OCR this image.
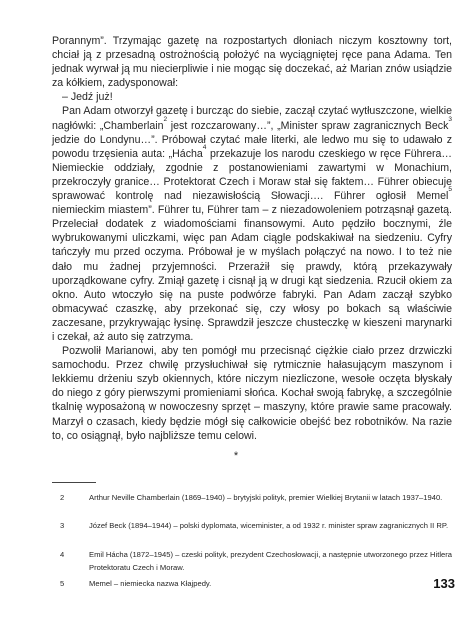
Porannym”. Trzymając gazetę na rozpostartych dłoniach niczym kosztowny tort, chciał ją z przesadną ostrożnością położyć na wyciągniętej ręce pana Adama. Ten jednak wyrwał ją mu niecierpliwie i nie mogąc się doczekać, aż Marian znów usiądzie za kółkiem, zadysponował:

– Jedź już!

Pan Adam otworzył gazetę i burcząc do siebie, zaczął czytać wytłuszczone, wielkie nagłówki: „Chamberlain$^2$ jest rozczarowany…”, „Minister spraw zagranicznych Beck$^3$ jedzie do Londynu…”. Próbował czytać małe literki, ale ledwo mu się to udawało z powodu trzęsienia auta: „Hácha$^4$ przekazuje los narodu czeskiego w ręce Führera… Niemieckie oddziały, zgodnie z postanowieniami zawartymi w Monachium, przekroczyły granice… Protektorat Czech i Moraw stał się faktem… Führer obiecuje sprawować kontrolę nad niezawisłością Słowacji…. Führer ogłosił Memel$^5$ niemieckim miastem”. Führer tu, Führer tam – z niezadowoleniem potrząsnął gazetą. Przeleciał dodatek z wiadomościami finansowymi. Auto pędziło bocznymi, źle wybrukowanymi uliczkami, więc pan Adam ciągle podskakiwał na siedzeniu. Cyfry tańczyły mu przed oczyma. Próbował je w myślach połączyć na nowo. I to też nie dało mu żadnej przyjemności. Przerażił się prawdy, którą przekazywały uporządkowane cyfry. Zmiął gazetę i cisnął ją w drugi kąt siedzenia. Rzucił okiem za okno. Auto wtoczyło się na puste podwórze fabryki. Pan Adam zaczął szybko obmacywać czaszkę, aby przekonać się, czy włosy po bokach są właściwie zaczesane, przykrywając łysinę. Sprawdził jeszcze chusteczkę w kieszeni marynarki i czekał, aż auto się zatrzyma.

Pozwolił Marianowi, aby ten pomógł mu przecisnąć ciężkie ciało przez drzwiczki samochodu. Przez chwilę przysłuchiwał się rytmicznie hałasującym maszynom i lekkiemu drżeniu szyb okiennych, które niczym niezliczone, wesołe oczęta błyskały do niego z góry pierwszymi promieniami słońca. Kochał swoją fabrykę, a szczególnie tkalnię wyposażoną w nowoczesny sprzęt – maszyny, które prawie same pracowały. Marzył o czasach, kiedy będzie mógł się całkowicie obejść bez robotników. Na razie to, co osiągnął, było najbliższe temu celowi.

*
2	Arthur Neville Chamberlain (1869–1940) – brytyjski polityk, premier Wielkiej Brytanii w latach 1937–1940.
3	Józef Beck (1894–1944) – polski dyplomata, wiceminister, a od 1932 r. minister spraw zagranicznych II RP.
4	Emil Hácha (1872–1945) – czeski polityk, prezydent Czechosłowacji, a następnie utworzonego przez Hitlera Protektoratu Czech i Moraw.
5	Memel – niemiecka nazwa Kłajpedy.	133
